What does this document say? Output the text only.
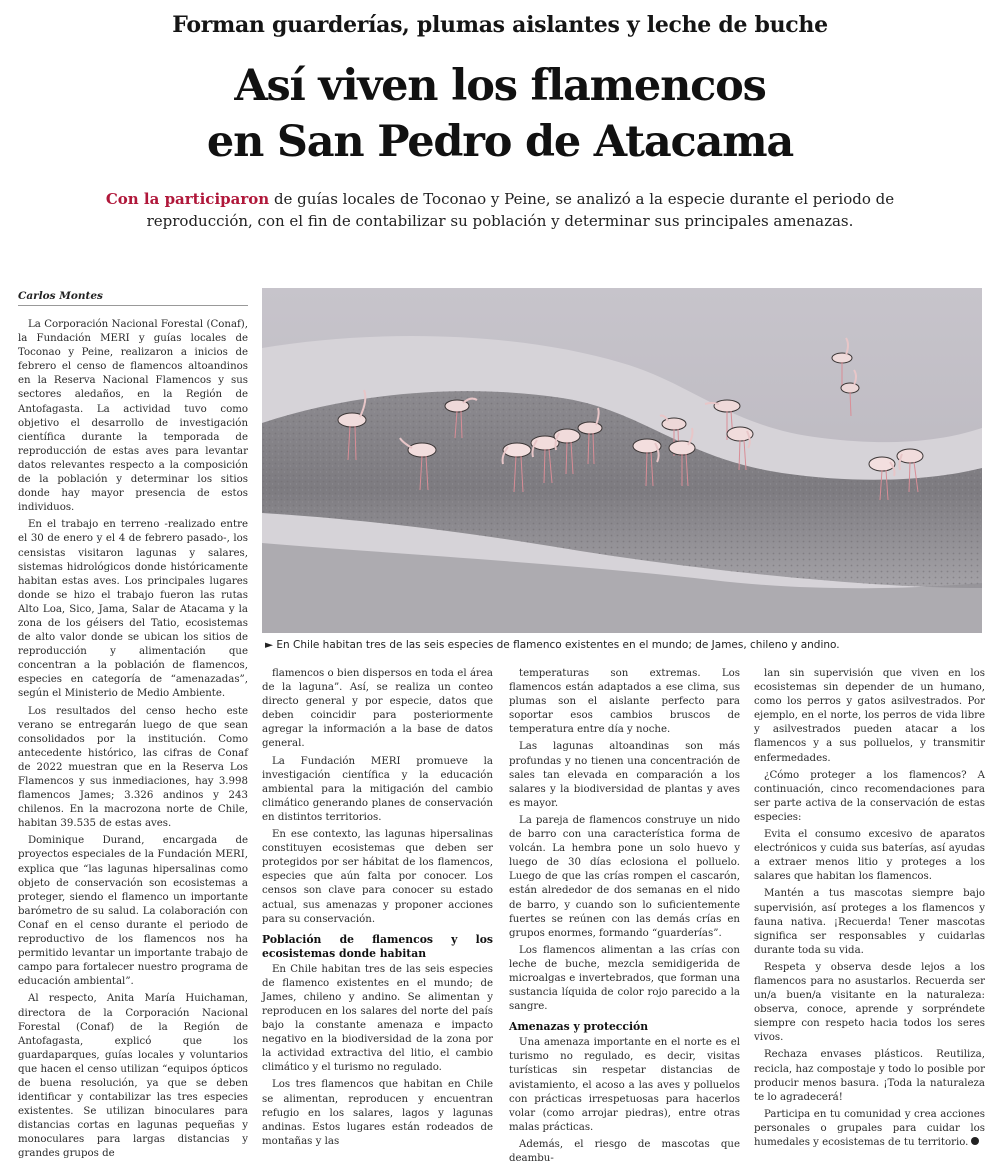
Forman guarderías, plumas aislantes y leche de buche
Así viven los flamencos
en San Pedro de Atacama
Con la participaron de guías locales de Toconao y Peine, se analizó a la especie durante el periodo de reproducción, con el fin de contabilizar su población y determinar sus principales amenazas.
Carlos Montes
► En Chile habitan tres de las seis especies de flamenco existentes en el mundo; de James, chileno y andino.

La Corporación Nacional Forestal (Conaf), la Fundación MERI y guías locales de Toconao y Peine, realizaron a inicios de febrero el censo de flamencos altoandinos en la Reserva Nacional Flamencos y sus sectores aledaños, en la Región de Antofagasta. La actividad tuvo como objetivo el desarrollo de investigación científica durante la temporada de reproducción de estas aves para levantar datos relevantes respecto a la composición de la población y determinar los sitios donde hay mayor presencia de estos individuos.

En el trabajo en terreno -realizado entre el 30 de enero y el 4 de febrero pasado-, los censistas visitaron lagunas y salares, sistemas hidrológicos donde históricamente habitan estas aves. Los principales lugares donde se hizo el trabajo fueron las rutas Alto Loa, Sico, Jama, Salar de Atacama y la zona de los géisers del Tatio, ecosistemas de alto valor donde se ubican los sitios de reproducción y alimentación que concentran a la población de flamencos, especies en categoría de “amenazadas”, según el Ministerio de Medio Ambiente.

Los resultados del censo hecho este verano se entregarán luego de que sean consolidados por la institución. Como antecedente histórico, las cifras de Conaf de 2022 muestran que en la Reserva Los Flamencos y sus inmediaciones, hay 3.998 flamencos James; 3.326 andinos y 243 chilenos. En la macrozona norte de Chile, habitan 39.535 de estas aves.

Dominique Durand, encargada de proyectos especiales de la Fundación MERI, explica que “las lagunas hipersalinas como objeto de conservación son ecosistemas a proteger, siendo el flamenco un importante barómetro de su salud. La colaboración con Conaf en el censo durante el periodo de reproductivo de los flamencos nos ha permitido levantar un importante trabajo de campo para fortalecer nuestro programa de educación ambiental”.

Al respecto, Anita María Huichaman, directora de la Corporación Nacional Forestal (Conaf) de la Región de Antofagasta, explicó que los guardaparques, guías locales y voluntarios que hacen el censo utilizan “equipos ópticos de buena resolución, ya que se deben identificar y contabilizar las tres especies existentes. Se utilizan binoculares para distancias cortas en lagunas pequeñas y monoculares para largas distancias y grandes grupos de

flamencos o bien dispersos en toda el área de la laguna”. Así, se realiza un conteo directo general y por especie, datos que deben coincidir para posteriormente agregar la información a la base de datos general.

La Fundación MERI promueve la investigación científica y la educación ambiental para la mitigación del cambio climático generando planes de conservación en distintos territorios.

En ese contexto, las lagunas hipersalinas constituyen ecosistemas que deben ser protegidos por ser hábitat de los flamencos, especies que aún falta por conocer. Los censos son clave para conocer su estado actual, sus amenazas y proponer acciones para su conservación.

Población de flamencos y los ecosistemas donde habitan

En Chile habitan tres de las seis especies de flamenco existentes en el mundo; de James, chileno y andino. Se alimentan y reproducen en los salares del norte del país bajo la constante amenaza e impacto negativo en la biodiversidad de la zona por la actividad extractiva del litio, el cambio climático y el turismo no regulado.

Los tres flamencos que habitan en Chile se alimentan, reproducen y encuentran refugio en los salares, lagos y lagunas andinas. Estos lugares están rodeados de montañas y las

temperaturas son extremas. Los flamencos están adaptados a ese clima, sus plumas son el aislante perfecto para soportar esos cambios bruscos de temperatura entre día y noche.

Las lagunas altoandinas son más profundas y no tienen una concentración de sales tan elevada en comparación a los salares y la biodiversidad de plantas y aves es mayor.

La pareja de flamencos construye un nido de barro con una característica forma de volcán. La hembra pone un solo huevo y luego de 30 días eclosiona el polluelo. Luego de que las crías rompen el cascarón, están alrededor de dos semanas en el nido de barro, y cuando son lo suficientemente fuertes se reúnen con las demás crías en grupos enormes, formando “guarderías”.

Los flamencos alimentan a las crías con leche de buche, mezcla semidigerida de microalgas e invertebrados, que forman una sustancia líquida de color rojo parecido a la sangre.

Amenazas y protección

Una amenaza importante en el norte es el turismo no regulado, es decir, visitas turísticas sin respetar distancias de avistamiento, el acoso a las aves y polluelos con prácticas irrespetuosas para hacerlos volar (como arrojar piedras), entre otras malas prácticas.

Además, el riesgo de mascotas que deambu-

lan sin supervisión que viven en los ecosistemas sin depender de un humano, como los perros y gatos asilvestrados. Por ejemplo, en el norte, los perros de vida libre y asilvestrados pueden atacar a los flamencos y a sus polluelos, y transmitir enfermedades.

¿Cómo proteger a los flamencos? A continuación, cinco recomendaciones para ser parte activa de la conservación de estas especies:

Evita el consumo excesivo de aparatos electrónicos y cuida sus baterías, así ayudas a extraer menos litio y proteges a los salares que habitan los flamencos.

Mantén a tus mascotas siempre bajo supervisión, así proteges a los flamencos y fauna nativa. ¡Recuerda! Tener mascotas significa ser responsables y cuidarlas durante toda su vida.

Respeta y observa desde lejos a los flamencos para no asustarlos. Recuerda ser un/a buen/a visitante en la naturaleza: observa, conoce, aprende y sorpréndete siempre con respeto hacia todos los seres vivos.

Rechaza envases plásticos. Reutiliza, recicla, haz compostaje y todo lo posible por producir menos basura. ¡Toda la naturaleza te lo agradecerá!

Participa en tu comunidad y crea acciones personales o grupales para cuidar los humedales y ecosistemas de tu territorio.
